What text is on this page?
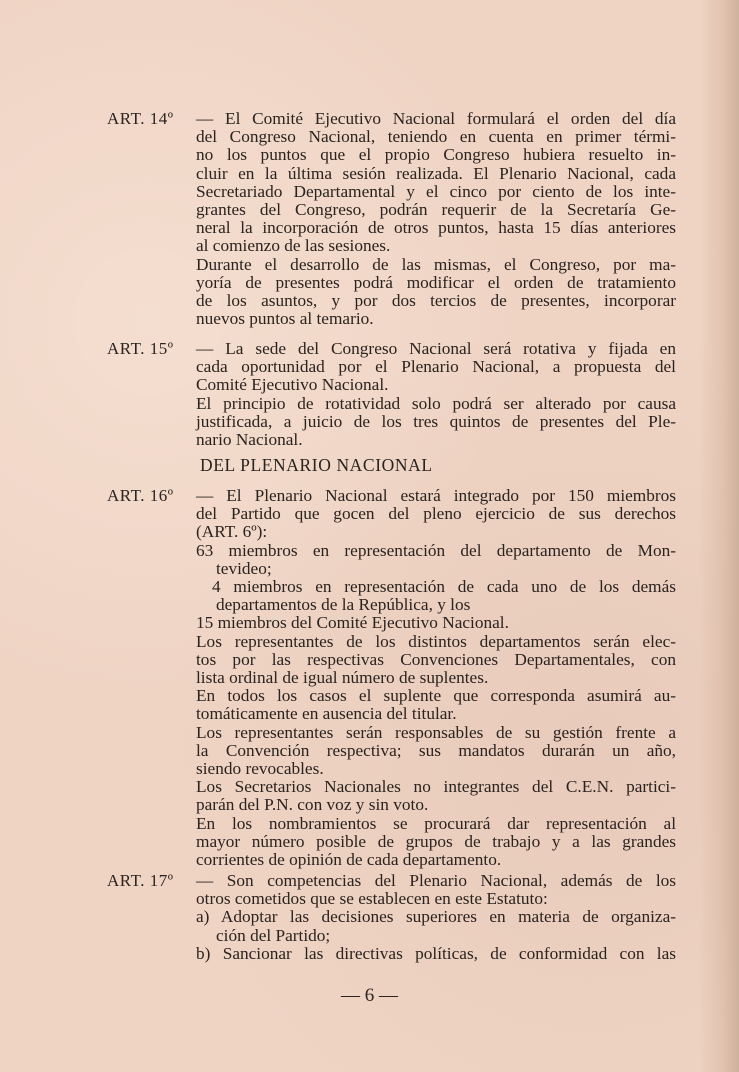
ART. 14º	— El Comité Ejecutivo Nacional formulará el orden del día
del Congreso Nacional, teniendo en cuenta en primer térmi-
no los puntos que el propio Congreso hubiera resuelto in-
cluir en la última sesión realizada. El Plenario Nacional, cada
Secretariado Departamental y el cinco por ciento de los inte-
grantes del Congreso, podrán requerir de la Secretaría Ge-
neral la incorporación de otros puntos, hasta 15 días anteriores
al comienzo de las sesiones.
Durante el desarrollo de las mismas, el Congreso, por ma-
yoría de presentes podrá modificar el orden de tratamiento
de los asuntos, y por dos tercios de presentes, incorporar
nuevos puntos al temario.
ART. 15º	— La sede del Congreso Nacional será rotativa y fijada en
cada oportunidad por el Plenario Nacional, a propuesta del
Comité Ejecutivo Nacional.
El principio de rotatividad solo podrá ser alterado por causa
justificada, a juicio de los tres quintos de presentes del Ple-
nario Nacional.
DEL PLENARIO NACIONAL
ART. 16º	— El Plenario Nacional estará integrado por 150 miembros
del Partido que gocen del pleno ejercicio de sus derechos
(ART. 6º):
63 miembros en representación del departamento de Mon-
tevideo;
4 miembros en representación de cada uno de los demás
departamentos de la República, y los
15 miembros del Comité Ejecutivo Nacional.
Los representantes de los distintos departamentos serán elec-
tos por las respectivas Convenciones Departamentales, con
lista ordinal de igual número de suplentes.
En todos los casos el suplente que corresponda asumirá au-
tomáticamente en ausencia del titular.
Los representantes serán responsables de su gestión frente a
la Convención respectiva; sus mandatos durarán un año,
siendo revocables.
Los Secretarios Nacionales no integrantes del C.E.N. partici-
parán del P.N. con voz y sin voto.
En los nombramientos se procurará dar representación al
mayor número posible de grupos de trabajo y a las grandes
corrientes de opinión de cada departamento.
ART. 17º	— Son competencias del Plenario Nacional, además de los
otros cometidos que se establecen en este Estatuto:
a) Adoptar las decisiones superiores en materia de organiza-
ción del Partido;
b) Sancionar las directivas políticas, de conformidad con las
— 6 —
